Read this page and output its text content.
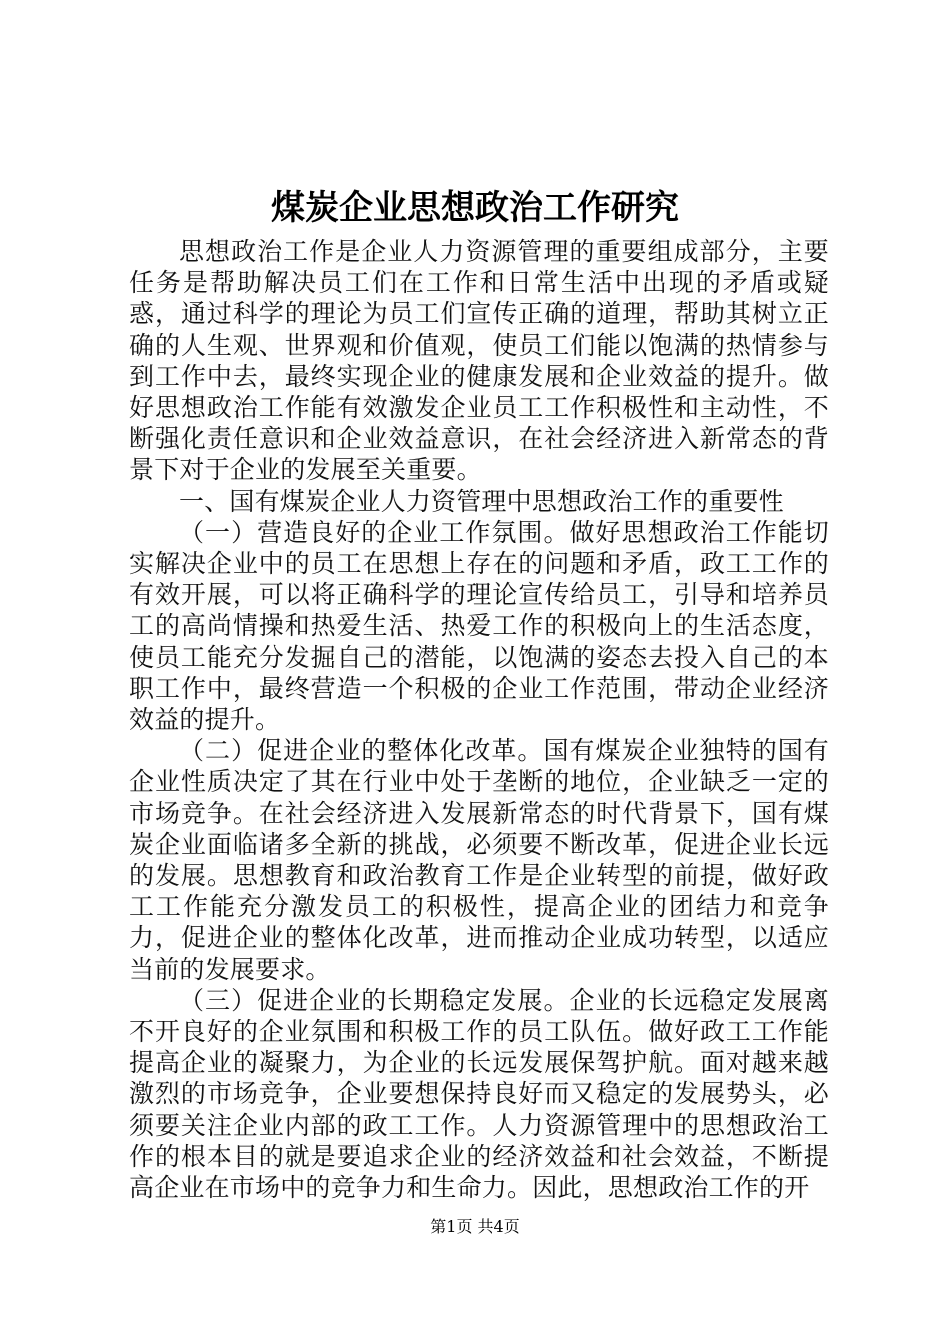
煤炭企业思想政治工作研究

思想政治工作是企业人力资源管理的重要组成部分，主要任务是帮助解决员工们在工作和日常生活中出现的矛盾或疑惑，通过科学的理论为员工们宣传正确的道理，帮助其树立正确的人生观、世界观和价值观，使员工们能以饱满的热情参与到工作中去，最终实现企业的健康发展和企业效益的提升。做好思想政治工作能有效激发企业员工工作积极性和主动性，不断强化责任意识和企业效益意识，在社会经济进入新常态的背景下对于企业的发展至关重要。

一、国有煤炭企业人力资管理中思想政治工作的重要性

（一）营造良好的企业工作氛围。做好思想政治工作能切实解决企业中的员工在思想上存在的问题和矛盾，政工工作的有效开展，可以将正确科学的理论宣传给员工，引导和培养员工的高尚情操和热爱生活、热爱工作的积极向上的生活态度，使员工能充分发掘自己的潜能，以饱满的姿态去投入自己的本职工作中，最终营造一个积极的企业工作范围，带动企业经济效益的提升。

（二）促进企业的整体化改革。国有煤炭企业独特的国有企业性质决定了其在行业中处于垄断的地位，企业缺乏一定的市场竞争。在社会经济进入发展新常态的时代背景下，国有煤炭企业面临诸多全新的挑战，必须要不断改革，促进企业长远的发展。思想教育和政治教育工作是企业转型的前提，做好政工工作能充分激发员工的积极性，提高企业的团结力和竞争力，促进企业的整体化改革，进而推动企业成功转型，以适应当前的发展要求。

（三）促进企业的长期稳定发展。企业的长远稳定发展离不开良好的企业氛围和积极工作的员工队伍。做好政工工作能提高企业的凝聚力，为企业的长远发展保驾护航。面对越来越激烈的市场竞争，企业要想保持良好而又稳定的发展势头，必须要关注企业内部的政工工作。人力资源管理中的思想政治工作的根本目的就是要追求企业的经济效益和社会效益，不断提高企业在市场中的竞争力和生命力。因此，思想政治工作的开

第1页 共4页
